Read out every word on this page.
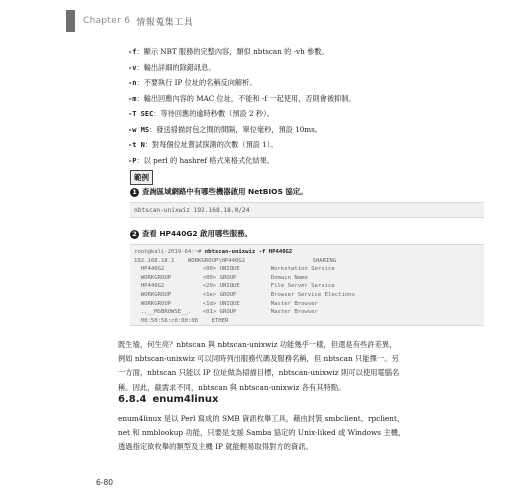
Chapter 6 情報蒐集工具
-f：顯示 NBT 服務的完整內容，類似 nbtscan 的 -vh 參數。
-v：輸出詳細的除錯訊息。
-n：不要執行 IP 位址的名稱反向解析。
-m：輸出回應內容的 MAC 位址，不能和 -f 一起使用，否則會被抑制。
-T SEC：等待回應的逾時秒數（預設 2 秒）。
-w MS：發送掃描封包之間的間隔，單位毫秒，預設 10ms。
-t N：對每個位址嘗試探測的次數（預設 1）。
-P：以 perl 的 hashref 格式來格式化結果。
範例
1 查詢區域網路中有哪些機器啟用 NetBIOS 協定。
nbtscan-unixwiz 192.168.18.0/24
2 查看 HP440G2 啟用哪些服務。
root@kali-2019-64:~# nbtscan-unixwiz -f HP440G2
192.168.18.1    WORKGROUP\HP440G2                    SHARING
HP440G2	<00> UNIQUE	Workstation Service
WORKGROUP	<00> GROUP	Domain Name
HP440G2	<20> UNIQUE	File Server Service
WORKGROUP	<1e> GROUP	Browser Service Elections
WORKGROUP	<1d> UNIQUE	Master Browser
..__MSBROWSE__. <01> GROUP	Master Browser
00:50:56:c0:00:08    ETHER

既生瑜，何生亮？nbtscan 與 nbtscan-unixwiz 功能幾乎一樣，但還是有些許差異，

例如 nbtscan-unixwiz 可以同時列出服務代碼及服務名稱，但 nbtscan 只能擇一。另

一方面，nbtscan 只能以 IP 位址做為掃描目標，nbtscan-unixwiz 則可以使用電腦名

稱。因此，截需求不同，nbtscan 與 nbtscan-unixwiz 各有其特點。

6.8.4 enum4linux

enum4linux 是以 Perl 寫成的 SMB 資訊枚舉工具，藉由封裝 smbclient、rpclient、

net 和 nmblookup 功能，只要是支援 Samba 協定的 Unix-liked 或 Windows 主機，

透過指定欲枚舉的類型及主機 IP 就能輕易取得對方的資訊。

6-80
